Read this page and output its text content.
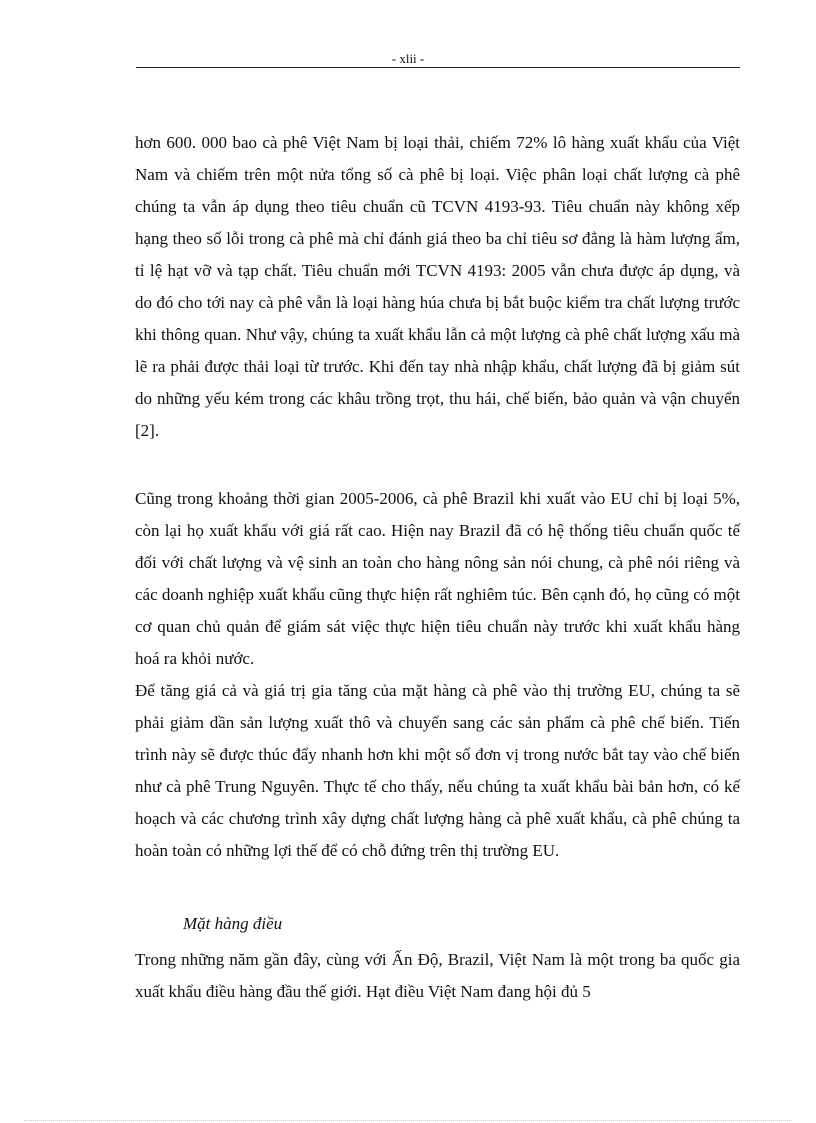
- xlii -

hơn 600. 000 bao cà phê Việt Nam bị loại thải, chiếm 72% lô hàng xuất khẩu của Việt Nam và chiếm trên một nửa tổng số cà phê bị loại. Việc phân loại chất lượng cà phê chúng ta vẫn áp dụng theo tiêu chuẩn cũ TCVN 4193-93. Tiêu chuẩn này không xếp hạng theo số lỗi trong cà phê mà chỉ đánh giá theo ba chỉ tiêu sơ đẳng là hàm lượng ẩm, tỉ lệ hạt vỡ và tạp chất. Tiêu chuẩn mới TCVN 4193: 2005 vẫn chưa được áp dụng, và do đó cho tới nay cà phê vẫn là loại hàng húa chưa bị bắt buộc kiểm tra chất lượng trước khi thông quan. Như vậy, chúng ta xuất khẩu lẫn cả một lượng cà phê chất lượng xấu mà lẽ ra phải được thải loại từ trước. Khi đến tay nhà nhập khẩu, chất lượng đã bị giảm sút do những yếu kém trong các khâu trồng trọt, thu hái, chế biến, bảo quản và vận chuyển [2].

Cũng trong khoảng thời gian 2005-2006, cà phê Brazil khi xuất vào EU chỉ bị loại 5%, còn lại họ xuất khẩu với giá rất cao. Hiện nay Brazil đã có hệ thống tiêu chuẩn quốc tế đối với chất lượng và vệ sinh an toàn cho hàng nông sản nói chung, cà phê nói riêng và các doanh nghiệp xuất khẩu cũng thực hiện rất nghiêm túc. Bên cạnh đó, họ cũng có một cơ quan chủ quản để giám sát việc thực hiện tiêu chuẩn này trước khi xuất khẩu hàng hoá ra khỏi nước.

Để tăng giá cả và giá trị gia tăng của mặt hàng cà phê vào thị trường EU, chúng ta sẽ phải giảm dần sản lượng xuất thô và chuyển sang các sản phẩm cà phê chế biến. Tiến trình này sẽ được thúc đẩy nhanh hơn khi một số đơn vị trong nước bắt tay vào chế biến như cà phê Trung Nguyên. Thực tế cho thấy, nếu chúng ta xuất khẩu bài bản hơn, có kế hoạch và các chương trình xây dựng chất lượng hàng cà phê xuất khẩu, cà phê chúng ta hoàn toàn có những lợi thế để có chỗ đứng trên thị trường EU.

Mặt hàng điều

Trong những năm gần đây, cùng với Ấn Độ, Brazil, Việt Nam là một trong ba quốc gia xuất khẩu điều hàng đầu thế giới. Hạt điều Việt Nam đang hội đủ 5
